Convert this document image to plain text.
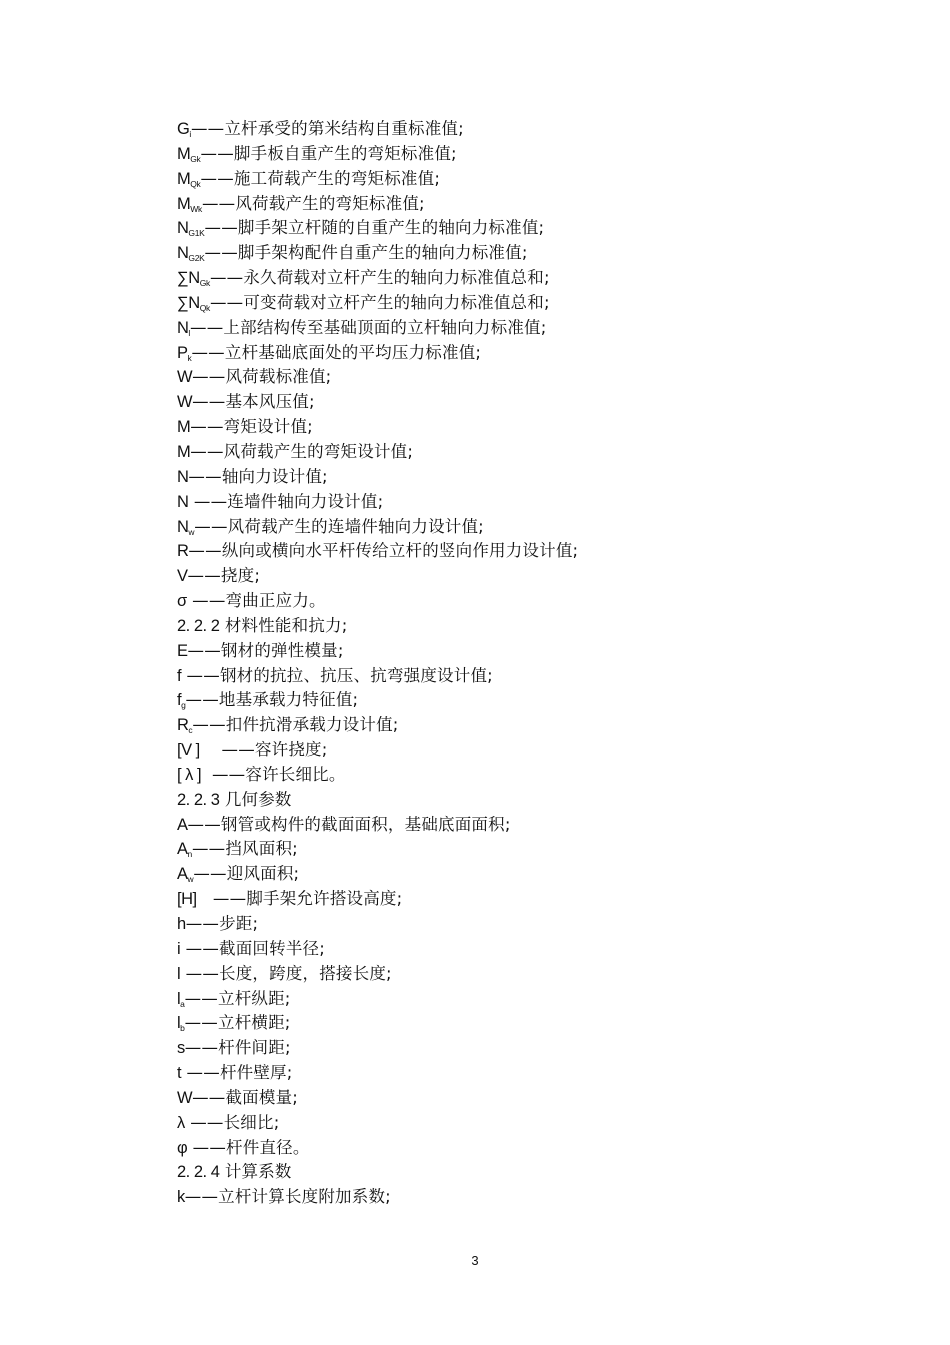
Gi——立杆承受的第米结构自重标准值;
MGk——脚手板自重产生的弯矩标准值;
MQk——施工荷载产生的弯矩标准值;
MWk——风荷载产生的弯矩标准值;
NG1K——脚手架立杆随的自重产生的轴向力标准值;
NG2K——脚手架构配件自重产生的轴向力标准值;
∑NGk——永久荷载对立杆产生的轴向力标准值总和;
∑NQk——可变荷载对立杆产生的轴向力标准值总和;
Nl——上部结构传至基础顶面的立杆轴向力标准值;
Pk——立杆基础底面处的平均压力标准值;
W——风荷载标准值;
W——基本风压值;
M——弯矩设计值;
M——风荷载产生的弯矩设计值;
N——轴向力设计值;
N ——连墙件轴向力设计值;
Nw——风荷载产生的连墙件轴向力设计值;
R——纵向或横向水平杆传给立杆的竖向作用力设计值;
V——挠度;
σ ——弯曲正应力。
2. 2. 2 材料性能和抗力;
E——钢材的弹性模量;
f ——钢材的抗拉、抗压、抗弯强度设计值;
fg——地基承载力特征值;
Rc——扣件抗滑承载力设计值;
[V ]    ——容许挠度;
[ λ ]  ——容许长细比。
2. 2. 3 几何参数
A——钢管或构件的截面面积，基础底面面积;
An——挡风面积;
Aw——迎风面积;
[H]   ——脚手架允许搭设高度;
h——步距;
i ——截面回转半径;
l ——长度，跨度，搭接长度;
la——立杆纵距;
lb——立杆横距;
s——杆件间距;
t ——杆件壁厚;
W——截面模量;
λ ——长细比;
φ ——杆件直径。
2. 2. 4 计算系数
k——立杆计算长度附加系数;
3
